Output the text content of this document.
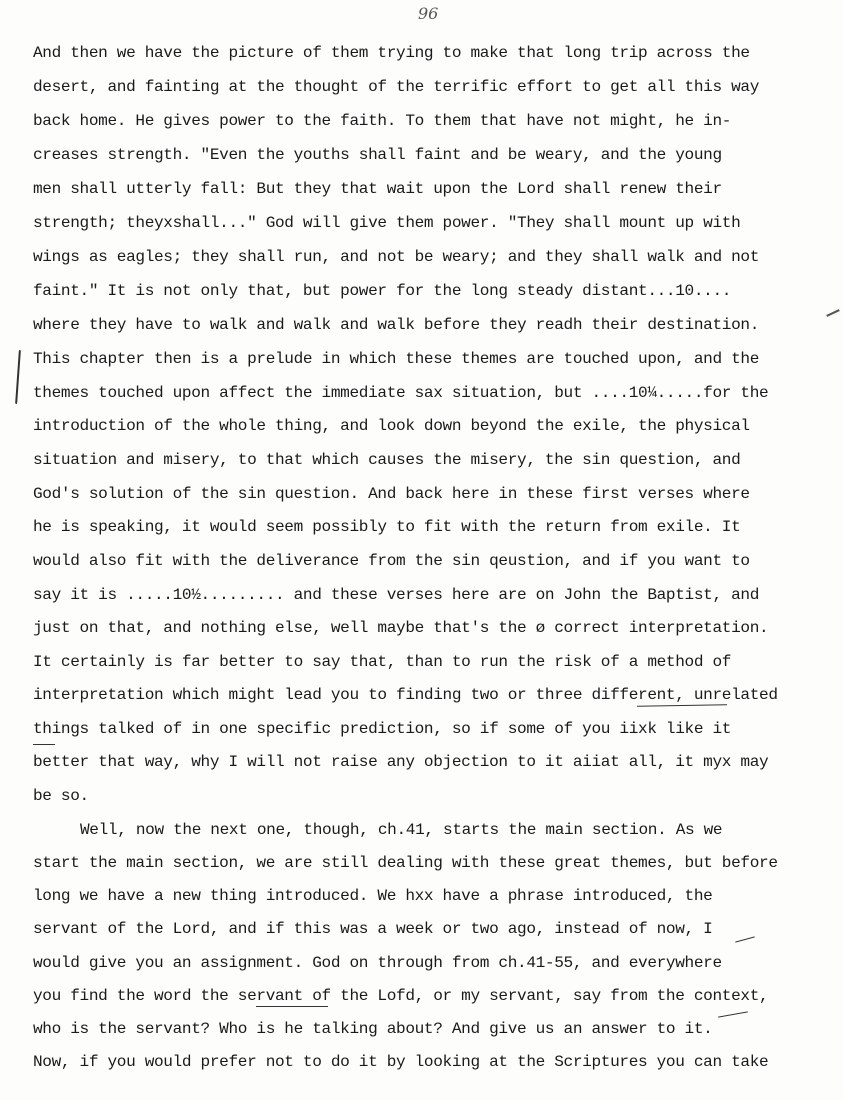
96
And then we have the picture of them trying to make that long trip across the
desert, and fainting at the thought of the terrific effort to get all this way
back home. He gives power to the faith. To them that have not might, he in-
creases strength. "Even the youths shall faint and be weary, and the young
men shall utterly fall: But they that wait upon the Lord shall renew their
strength; theyxshall..." God will give them power. "They shall mount up with
wings as eagles; they shall run, and not be weary; and they shall walk and not
faint." It is not only that, but power for the long steady distant...10....
where they have to walk and walk and walk before they readh their destination.
This chapter then is a prelude in which these themes are touched upon, and the
themes touched upon affect the immediate sax situation, but ....10¼.....for the
introduction of the whole thing, and look down beyond the exile, the physical
situation and misery, to that which causes the misery, the sin question, and
God's solution of the sin question. And back here in these first verses where
he is speaking, it would seem possibly to fit with the return from exile. It
would also fit with the deliverance from the sin qeustion, and if you want to
say it is .....10½......... and these verses here are on John the Baptist, and
just on that, and nothing else, well maybe that's the ø correct interpretation.
It certainly is far better to say that, than to run the risk of a method of
interpretation which might lead you to finding two or three different, unrelated
things talked of in one specific prediction, so if some of you iixk like it
better that way, why I will not raise any objection to it aiiat all, it myx may
be so.
Well, now the next one, though, ch.41, starts the main section. As we
start the main section, we are still dealing with these great themes, but before
long we have a new thing introduced. We hxx have a phrase introduced, the
servant of the Lord, and if this was a week or two ago, instead of now, I
would give you an assignment. God on through from ch.41-55, and everywhere
you find the word the servant of the Lofd, or my servant, say from the context,
who is the servant? Who is he talking about? And give us an answer to it.
Now, if you would prefer not to do it by looking at the Scriptures you can take
